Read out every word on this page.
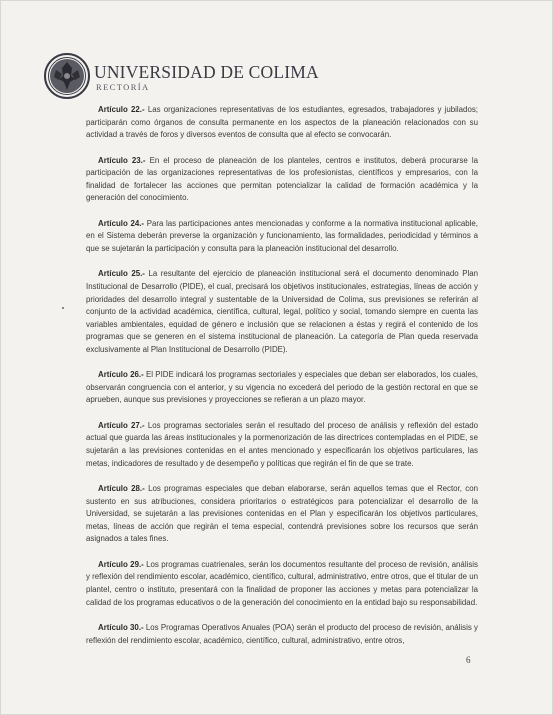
UNIVERSIDAD DE COLIMA
RECTORÍA

Artículo 22.- Las organizaciones representativas de los estudiantes, egresados, trabajadores y jubilados; participarán como órganos de consulta permanente en los aspectos de la planeación relacionados con su actividad a través de foros y diversos eventos de consulta que al efecto se convocarán.

Artículo 23.- En el proceso de planeación de los planteles, centros e institutos, deberá procurarse la participación de las organizaciones representativas de los profesionistas, científicos y empresarios, con la finalidad de fortalecer las acciones que permitan potencializar la calidad de formación académica y la generación del conocimiento.

Artículo 24.- Para las participaciones antes mencionadas y conforme a la normativa institucional aplicable, en el Sistema deberán preverse la organización y funcionamiento, las formalidades, periodicidad y términos a que se sujetarán la participación y consulta para la planeación institucional del desarrollo.

Artículo 25.- La resultante del ejercicio de planeación institucional será el documento denominado Plan Institucional de Desarrollo (PIDE), el cual, precisará los objetivos institucionales, estrategias, líneas de acción y prioridades del desarrollo integral y sustentable de la Universidad de Colima, sus previsiones se referirán al conjunto de la actividad académica, científica, cultural, legal, político y social, tomando siempre en cuenta las variables ambientales, equidad de género e inclusión que se relacionen a éstas y regirá el contenido de los programas que se generen en el sistema institucional de planeación. La categoría de Plan queda reservada exclusivamente al Plan Institucional de Desarrollo (PIDE).

Artículo 26.- El PIDE indicará los programas sectoriales y especiales que deban ser elaborados, los cuales, observarán congruencia con el anterior, y su vigencia no excederá del periodo de la gestión rectoral en que se aprueben, aunque sus previsiones y proyecciones se refieran a un plazo mayor.

Artículo 27.- Los programas sectoriales serán el resultado del proceso de análisis y reflexión del estado actual que guarda las áreas institucionales y la pormenorización de las directrices contempladas en el PIDE, se sujetarán a las previsiones contenidas en el antes mencionado y especificarán los objetivos particulares, las metas, indicadores de resultado y de desempeño y políticas que regirán el fin de que se trate.

Artículo 28.- Los programas especiales que deban elaborarse, serán aquellos temas que el Rector, con sustento en sus atribuciones, considera prioritarios o estratégicos para potencializar el desarrollo de la Universidad, se sujetarán a las previsiones contenidas en el Plan y especificarán los objetivos particulares, metas, líneas de acción que regirán el tema especial, contendrá previsiones sobre los recursos que serán asignados a tales fines.

Artículo 29.- Los programas cuatrienales, serán los documentos resultante del proceso de revisión, análisis y reflexión del rendimiento escolar, académico, científico, cultural, administrativo, entre otros, que el titular de un plantel, centro o instituto, presentará con la finalidad de proponer las acciones y metas para potencializar la calidad de los programas educativos o de la generación del conocimiento en la entidad bajo su responsabilidad.

Artículo 30.- Los Programas Operativos Anuales (POA) serán el producto del proceso de revisión, análisis y reflexión del rendimiento escolar, académico, científico, cultural, administrativo, entre otros,

6
